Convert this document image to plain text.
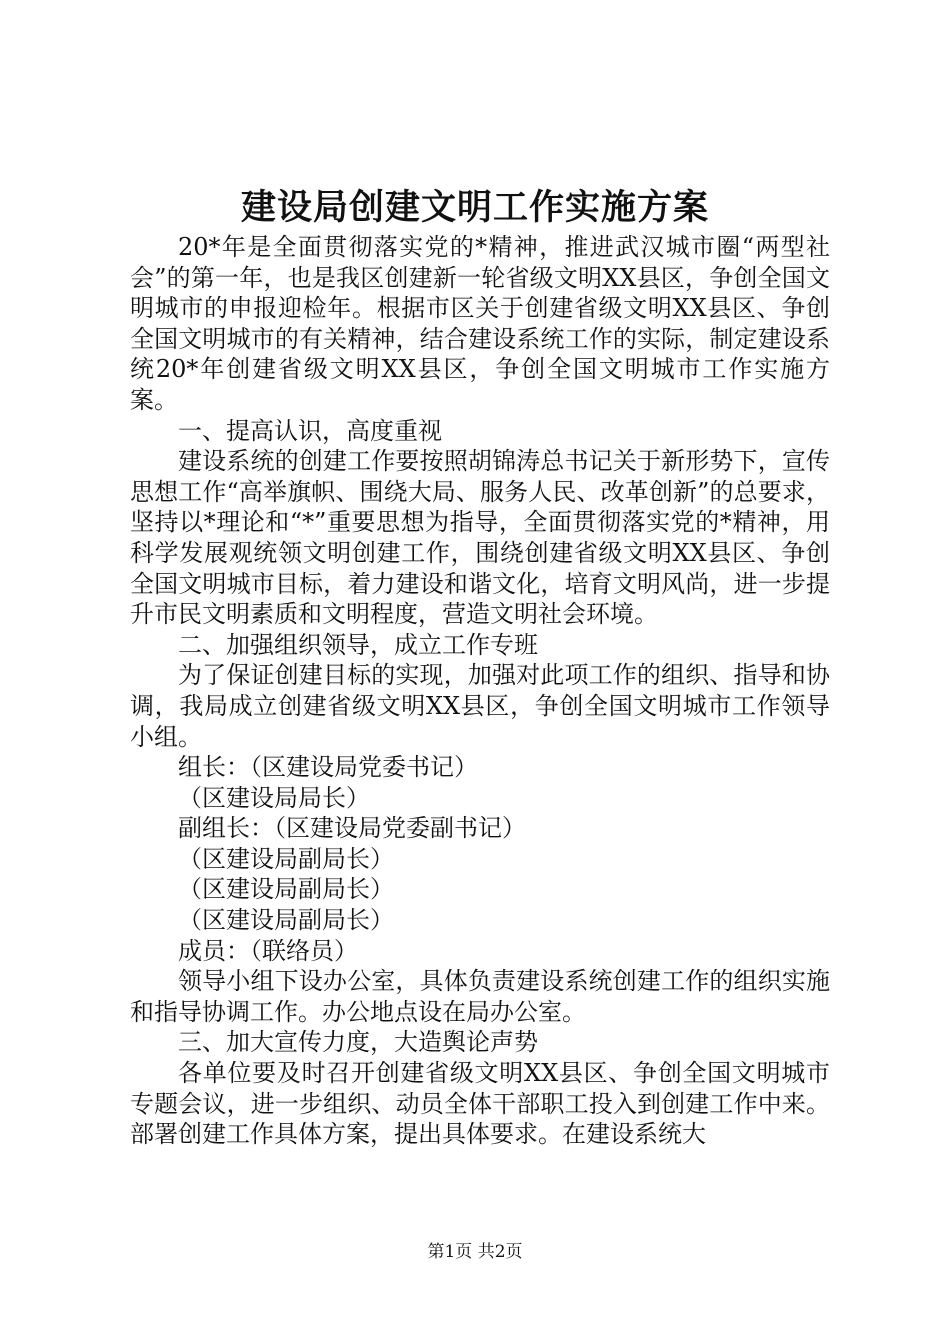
建设局创建文明工作实施方案

20*年是全面贯彻落实党的*精神，推进武汉城市圈“两型社会”的第一年，也是我区创建新一轮省级文明XX县区，争创全国文明城市的申报迎检年。根据市区关于创建省级文明XX县区、争创全国文明城市的有关精神，结合建设系统工作的实际，制定建设系统20*年创建省级文明XX县区，争创全国文明城市工作实施方案。

一、提高认识，高度重视

建设系统的创建工作要按照胡锦涛总书记关于新形势下，宣传思想工作“高举旗帜、围绕大局、服务人民、改革创新”的总要求，坚持以*理论和“*”重要思想为指导，全面贯彻落实党的*精神，用科学发展观统领文明创建工作，围绕创建省级文明XX县区、争创全国文明城市目标，着力建设和谐文化，培育文明风尚，进一步提升市民文明素质和文明程度，营造文明社会环境。

二、加强组织领导，成立工作专班

为了保证创建目标的实现，加强对此项工作的组织、指导和协调，我局成立创建省级文明XX县区，争创全国文明城市工作领导小组。

组长：（区建设局党委书记）

（区建设局局长）

副组长：（区建设局党委副书记）

（区建设局副局长）

（区建设局副局长）

（区建设局副局长）

成员：（联络员）

领导小组下设办公室，具体负责建设系统创建工作的组织实施和指导协调工作。办公地点设在局办公室。

三、加大宣传力度，大造舆论声势

各单位要及时召开创建省级文明XX县区、争创全国文明城市专题会议，进一步组织、动员全体干部职工投入到创建工作中来。部署创建工作具体方案，提出具体要求。在建设系统大

第1页 共2页
